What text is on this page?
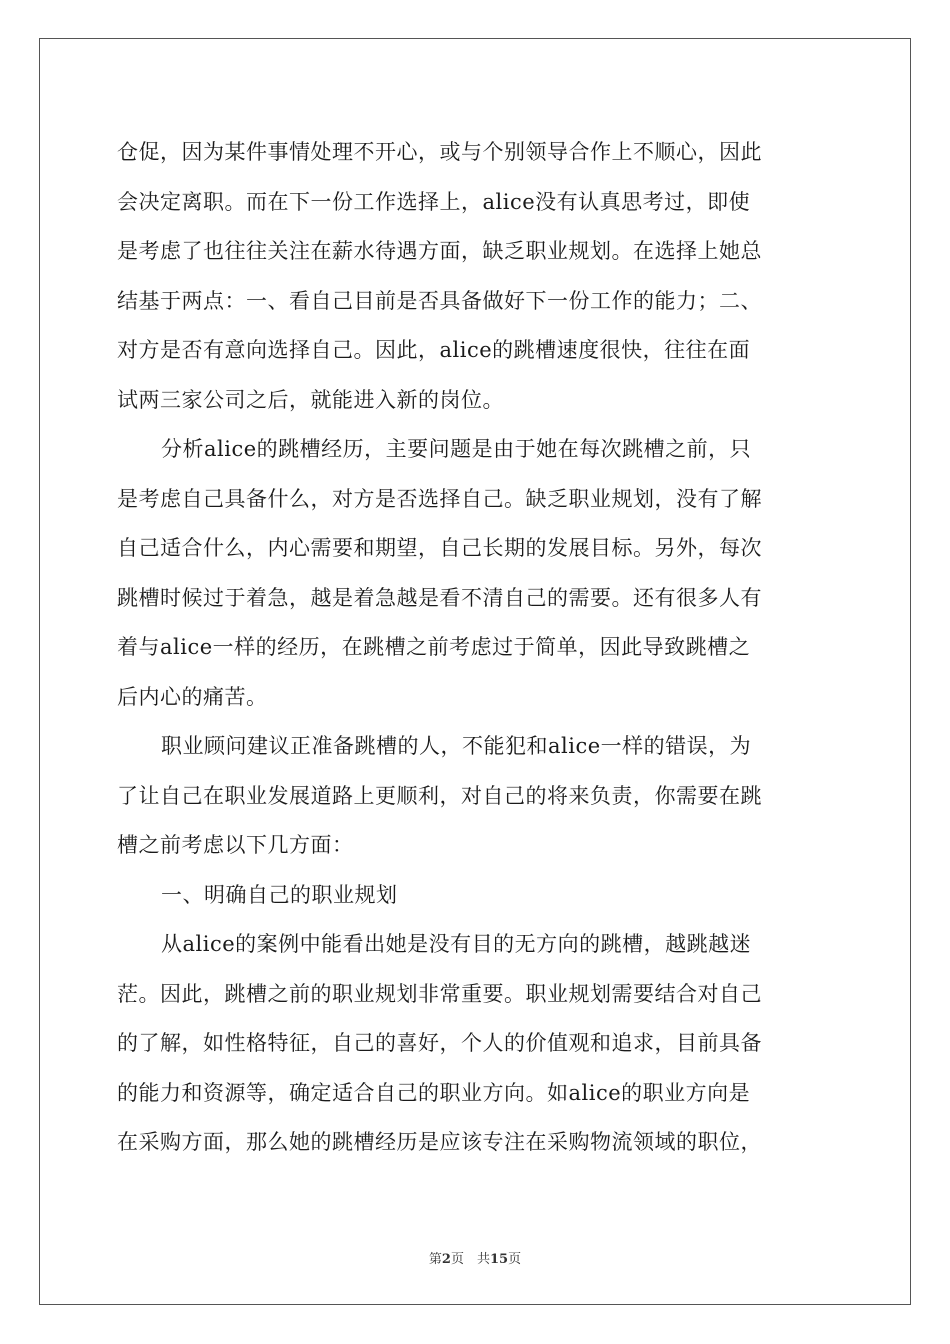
仓促，因为某件事情处理不开心，或与个别领导合作上不顺心，因此
会决定离职。而在下一份工作选择上，alice没有认真思考过，即使
是考虑了也往往关注在薪水待遇方面，缺乏职业规划。在选择上她总
结基于两点：一、看自己目前是否具备做好下一份工作的能力；二、
对方是否有意向选择自己。因此，alice的跳槽速度很快，往往在面
试两三家公司之后，就能进入新的岗位。
分析alice的跳槽经历，主要问题是由于她在每次跳槽之前，只
是考虑自己具备什么，对方是否选择自己。缺乏职业规划，没有了解
自己适合什么，内心需要和期望，自己长期的发展目标。另外，每次
跳槽时候过于着急，越是着急越是看不清自己的需要。还有很多人有
着与alice一样的经历，在跳槽之前考虑过于简单，因此导致跳槽之
后内心的痛苦。
职业顾问建议正准备跳槽的人，不能犯和alice一样的错误，为
了让自己在职业发展道路上更顺利，对自己的将来负责，你需要在跳
槽之前考虑以下几方面：
一、明确自己的职业规划
从alice的案例中能看出她是没有目的无方向的跳槽，越跳越迷
茫。因此，跳槽之前的职业规划非常重要。职业规划需要结合对自己
的了解，如性格特征，自己的喜好，个人的价值观和追求，目前具备
的能力和资源等，确定适合自己的职业方向。如alice的职业方向是
在采购方面，那么她的跳槽经历是应该专注在采购物流领域的职位，
第2页　共15页
